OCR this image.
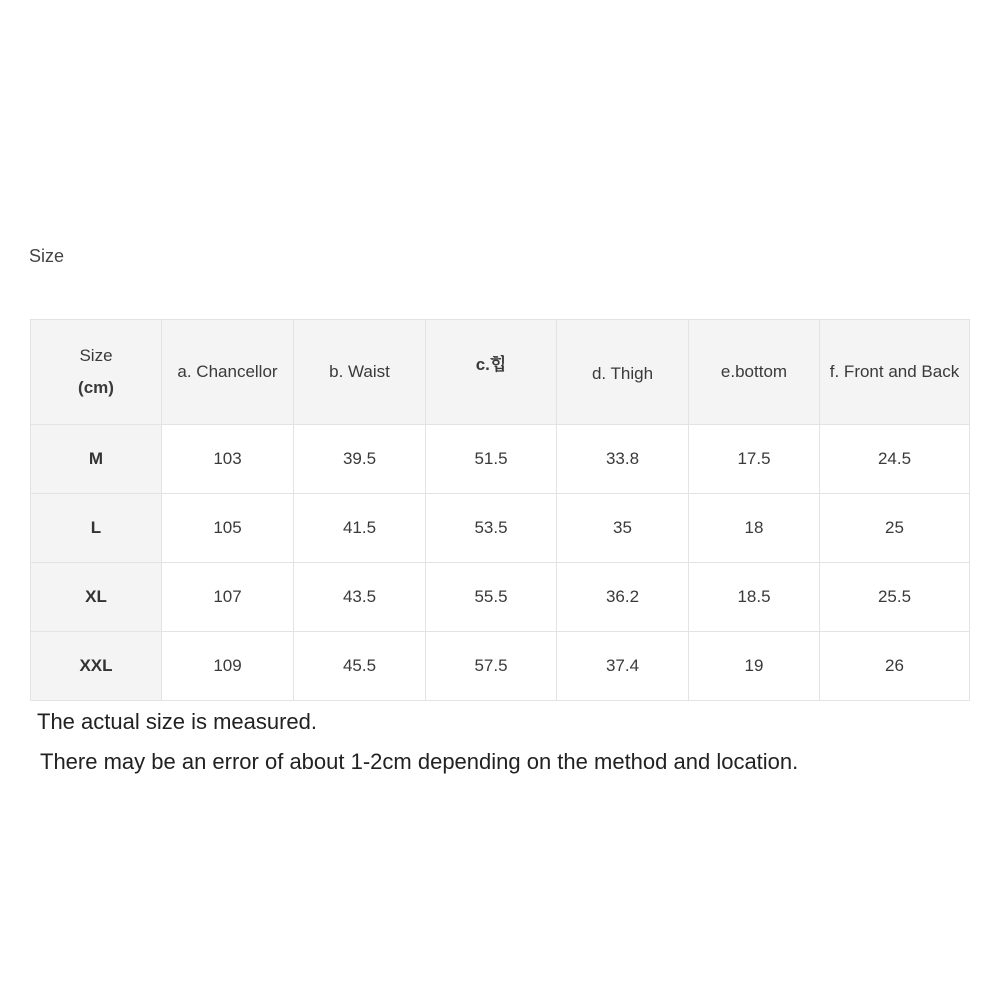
Size
Size
(cm)	a. Chancellor	b. Waist	c.힙	d. Thigh	e.bottom	f. Front and Back
M	103	39.5	51.5	33.8	17.5	24.5
L	105	41.5	53.5	35	18	25
XL	107	43.5	55.5	36.2	18.5	25.5
XXL	109	45.5	57.5	37.4	19	26
The actual size is measured.
There may be an error of about 1-2cm depending on the method and location.
